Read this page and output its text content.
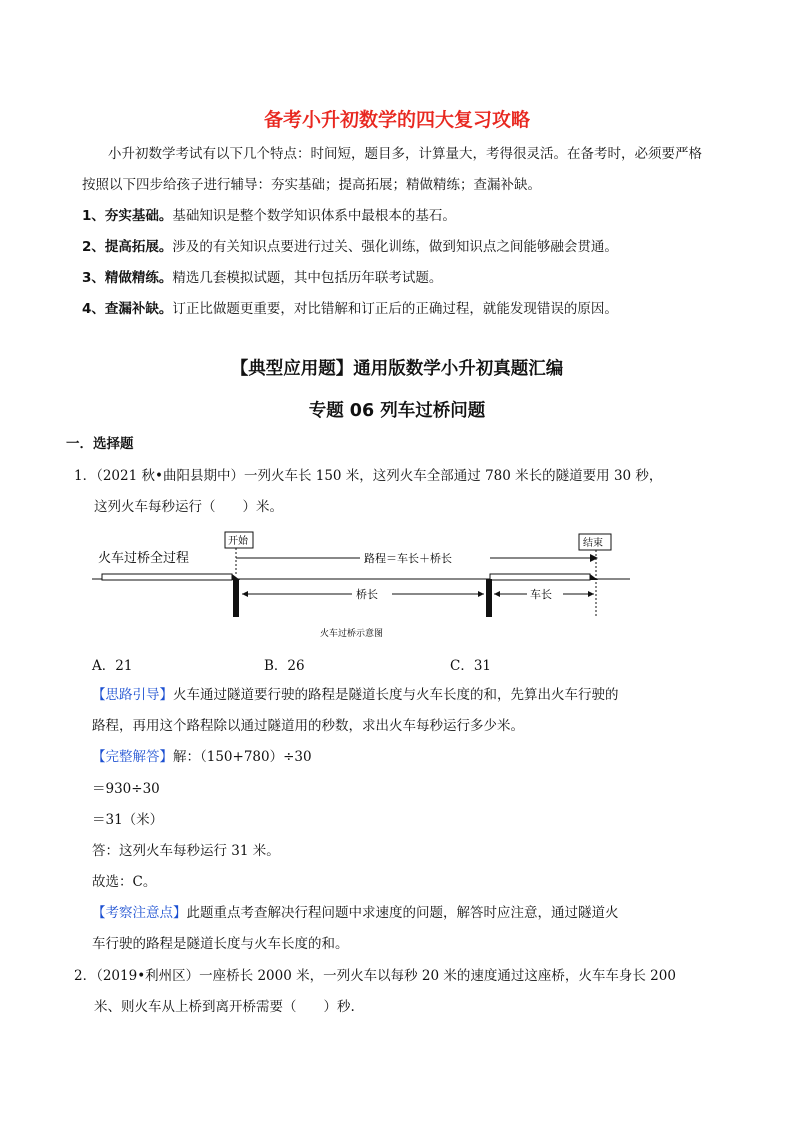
备考小升初数学的四大复习攻略
小升初数学考试有以下几个特点：时间短，题目多，计算量大，考得很灵活。在备考时，必须要严格
按照以下四步给孩子进行辅导：夯实基础；提高拓展；精做精练；查漏补缺。
1、夯实基础。基础知识是整个数学知识体系中最根本的基石。
2、提高拓展。涉及的有关知识点要进行过关、强化训练，做到知识点之间能够融会贯通。
3、精做精练。精选几套模拟试题，其中包括历年联考试题。
4、查漏补缺。订正比做题更重要，对比错解和订正后的正确过程，就能发现错误的原因。
【典型应用题】通用版数学小升初真题汇编
专题 06 列车过桥问题
一．选择题
1．（2021 秋•曲阳县期中）一列火车长 150 米，这列火车全部通过 780 米长的隧道要用 30 秒，
这列火车每秒运行（　　）米。
火车过桥全过程
开始	结束
路程＝车长＋桥长
桥长	车长
火车过桥示意图
A．21	B．26	C．31
【思路引导】火车通过隧道要行驶的路程是隧道长度与火车长度的和，先算出火车行驶的
路程，再用这个路程除以通过隧道用的秒数，求出火车每秒运行多少米。
【完整解答】解：（150+780）÷30
＝930÷30
＝31（米）
答：这列火车每秒运行 31 米。
故选：C。
【考察注意点】此题重点考查解决行程问题中求速度的问题，解答时应注意，通过隧道火
车行驶的路程是隧道长度与火车长度的和。
2．（2019•利州区）一座桥长 2000 米，一列火车以每秒 20 米的速度通过这座桥，火车车身长 200
米、则火车从上桥到离开桥需要（　　）秒.
